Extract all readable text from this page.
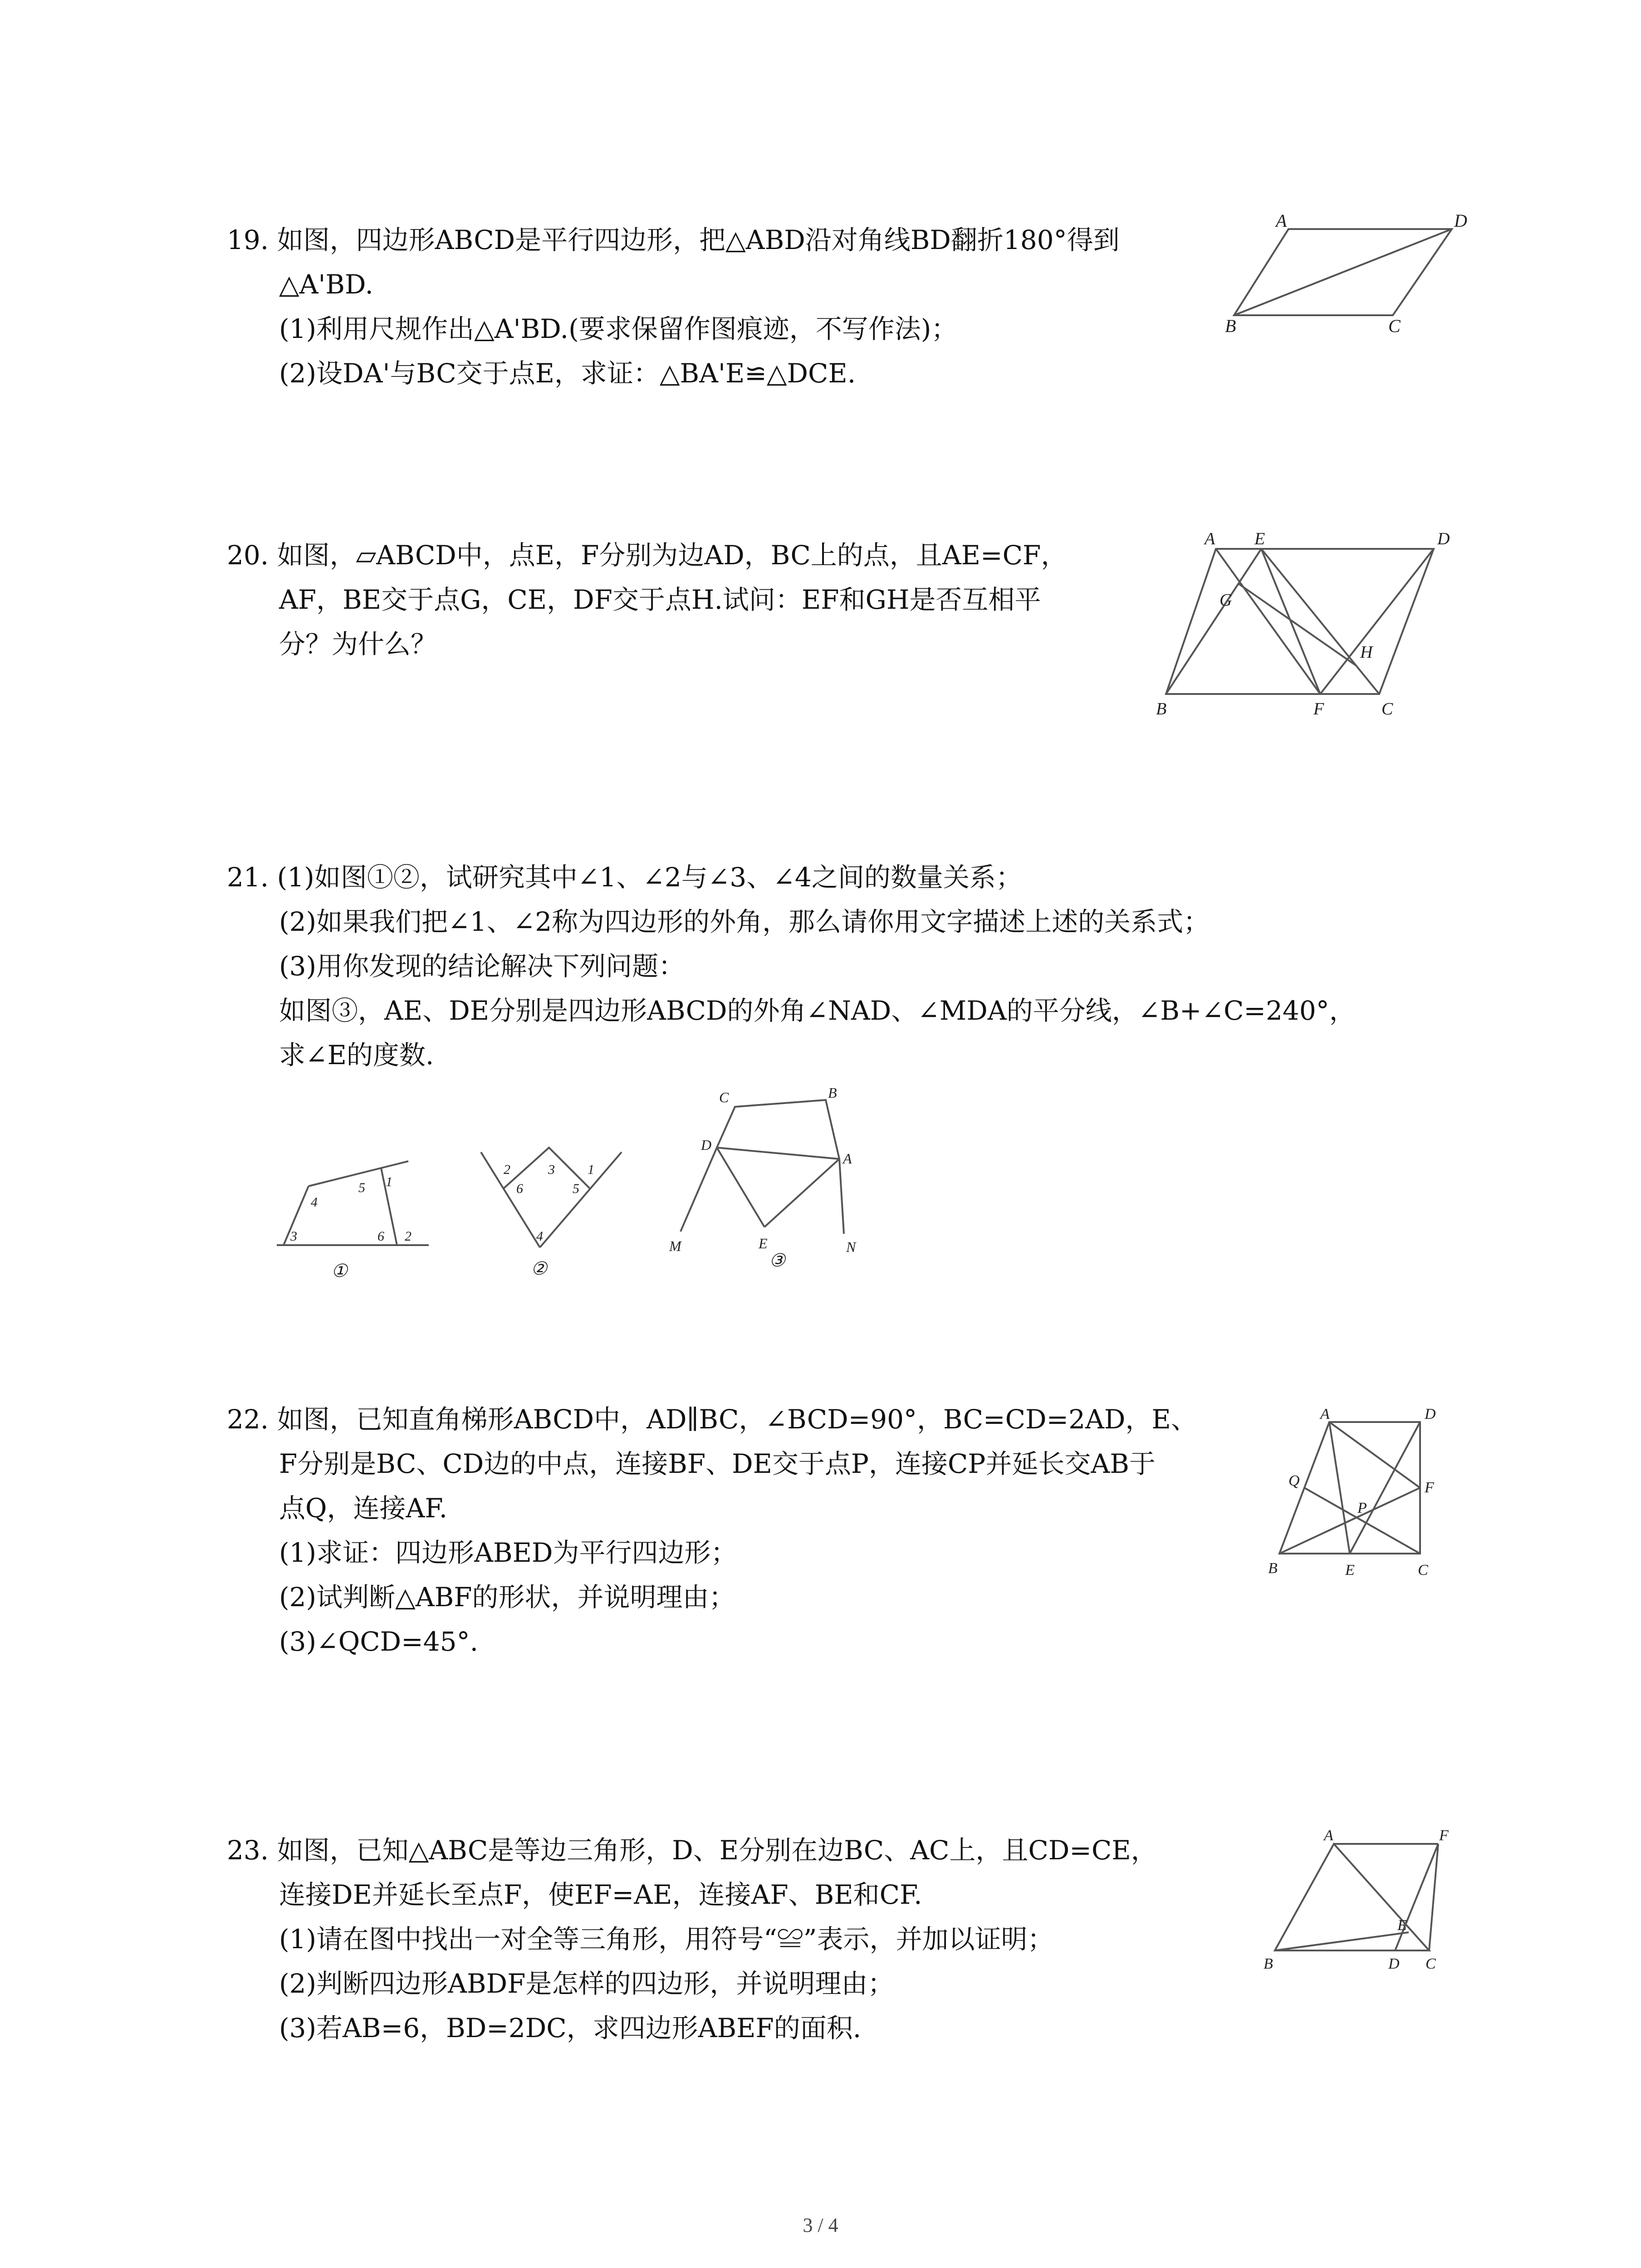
19. 如图，四边形ABCD是平行四边形，把△ABD沿对角线BD翻折180°得到
△A'BD.
(1)利用尺规作出△A'BD.(要求保留作图痕迹，不写作法)；
(2)设DA'与BC交于点E，求证：△BA'E≌△DCE.
A	D
B	C
20. 如图，▱ABCD中，点E，F分别为边AD，BC上的点，且AE=CF，
AF，BE交于点G，CE，DF交于点H.试问：EF和GH是否互相平
分？为什么？
A E	D
G
H
B	F	C
21. (1)如图①②，试研究其中∠1、∠2与∠3、∠4之间的数量关系；
(2)如果我们把∠1、∠2称为四边形的外角，那么请你用文字描述上述的关系式；
(3)用你发现的结论解决下列问题：
如图③，AE、DE分别是四边形ABCD的外角∠NAD、∠MDA的平分线，∠B+∠C=240°，
求∠E的度数.
4
5 1
3	6 2
①
2	3 1
6	5
4
②
C	B
D
A
M	N
E
③
22. 如图，已知直角梯形ABCD中，AD∥BC，∠BCD=90°，BC=CD=2AD，E、
F分别是BC、CD边的中点，连接BF、DE交于点P，连接CP并延长交AB于
点Q，连接AF.
(1)求证：四边形ABED为平行四边形；
(2)试判断△ABF的形状，并说明理由；
(3)∠QCD=45°.
A	D
Q	F
P
B	E	C
23. 如图，已知△ABC是等边三角形，D、E分别在边BC、AC上，且CD=CE，
连接DE并延长至点F，使EF=AE，连接AF、BE和CF.
(1)请在图中找出一对全等三角形，用符号“≌”表示，并加以证明；
(2)判断四边形ABDF是怎样的四边形，并说明理由；
(3)若AB=6，BD=2DC，求四边形ABEF的面积.
A	F
E
B	D C
3 / 4
